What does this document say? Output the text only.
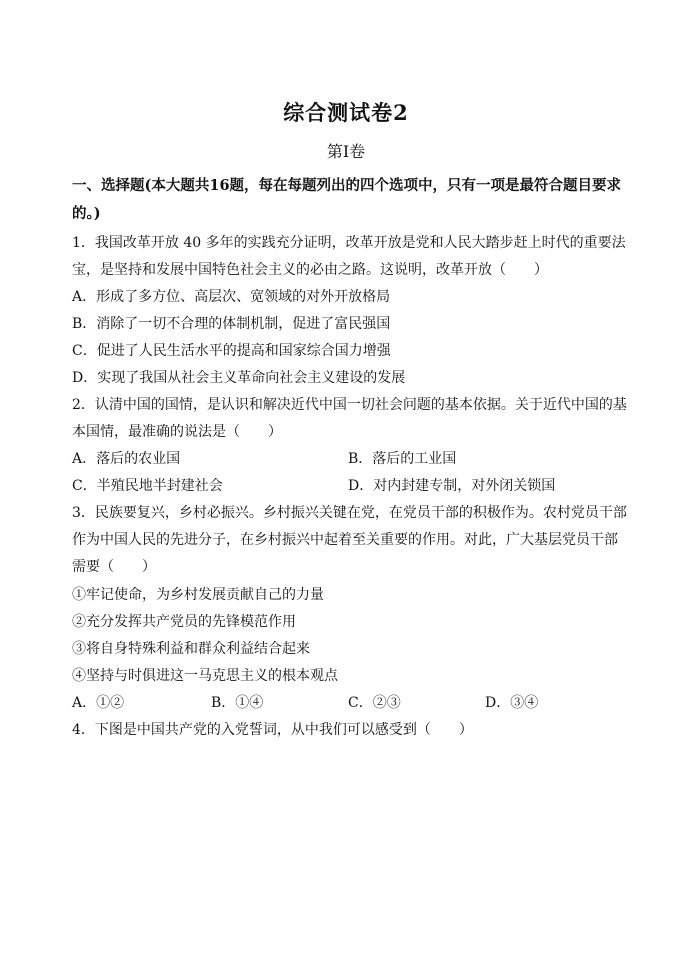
综合测试卷2
第Ⅰ卷
一、选择题(本大题共16题，每在每题列出的四个选项中，只有一项是最符合题目要求
的。)
1．我国改革开放 40 多年的实践充分证明，改革开放是党和人民大踏步赶上时代的重要法
宝，是坚持和发展中国特色社会主义的必由之路。这说明，改革开放（　　）
A．形成了多方位、高层次、宽领域的对外开放格局
B．消除了一切不合理的体制机制，促进了富民强国
C．促进了人民生活水平的提高和国家综合国力增强
D．实现了我国从社会主义革命向社会主义建设的发展
2．认清中国的国情，是认识和解决近代中国一切社会问题的基本依据。关于近代中国的基
本国情，最准确的说法是（　　）
A．落后的农业国	B．落后的工业国
C．半殖民地半封建社会	D．对内封建专制，对外闭关锁国
3．民族要复兴，乡村必振兴。乡村振兴关键在党，在党员干部的积极作为。农村党员干部
作为中国人民的先进分子，在乡村振兴中起着至关重要的作用。对此，广大基层党员干部
需要（　　）
①牢记使命，为乡村发展贡献自己的力量
②充分发挥共产党员的先锋模范作用
③将自身特殊利益和群众利益结合起来
④坚持与时俱进这一马克思主义的根本观点
A．①②	B．①④	C．②③	D．③④
4．下图是中国共产党的入党誓词，从中我们可以感受到（　　）
